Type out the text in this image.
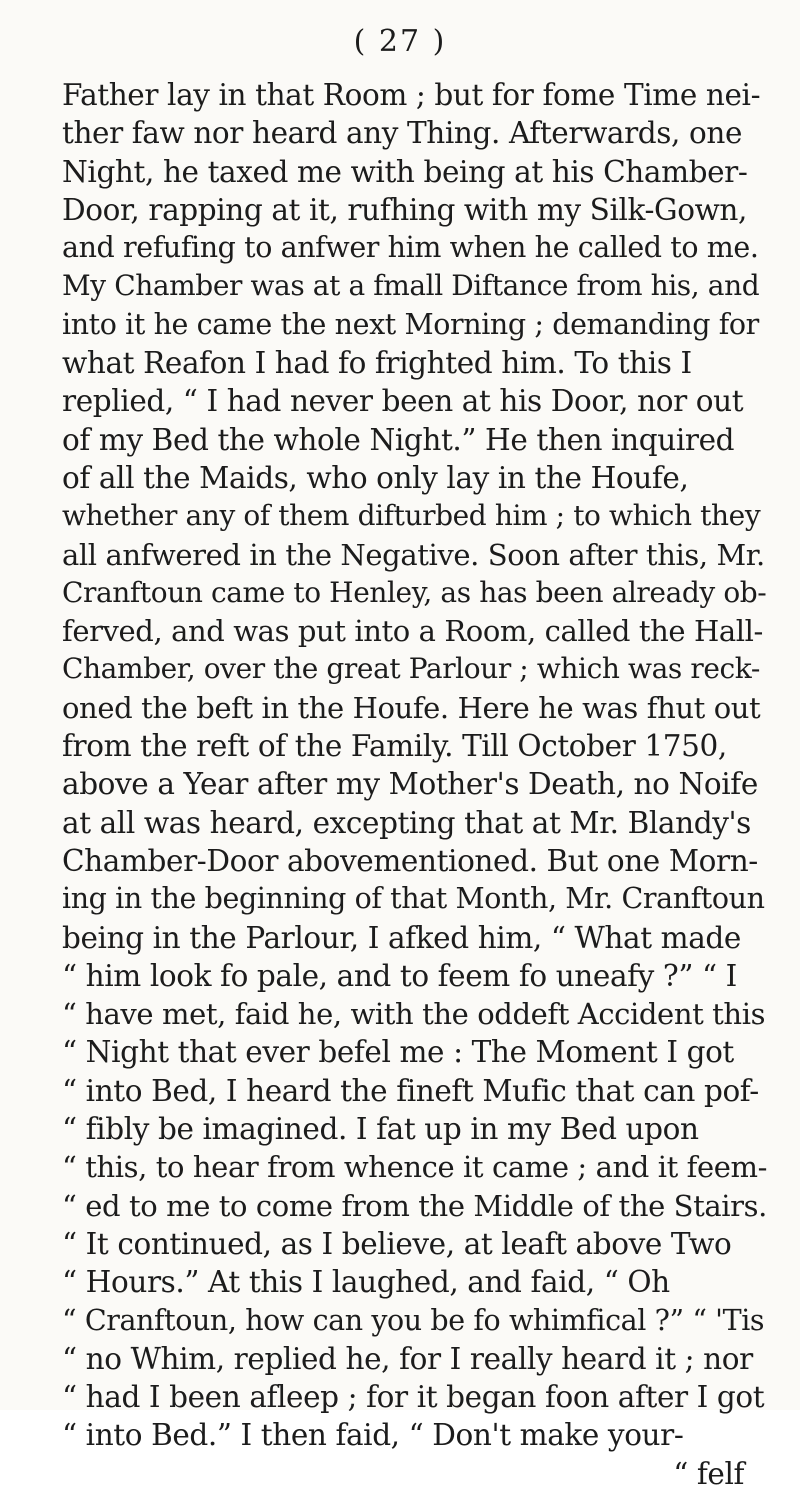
( 27 )
Father lay in that Room ; but for fome Time nei-
ther faw nor heard any Thing. Afterwards, one
Night, he taxed me with being at his Chamber-
Door, rapping at it, rufhing with my Silk-Gown,
and refufing to anfwer him when he called to me.
My Chamber was at a fmall Diftance from his, and
into it he came the next Morning ; demanding for
what Reafon I had fo frighted him. To this I
replied, “ I had never been at his Door, nor out
of my Bed the whole Night.” He then inquired
of all the Maids, who only lay in the Houfe,
whether any of them difturbed him ; to which they
all anfwered in the Negative. Soon after this, Mr.
Cranftoun came to Henley, as has been already ob-
ferved, and was put into a Room, called the Hall-
Chamber, over the great Parlour ; which was reck-
oned the beft in the Houfe. Here he was fhut out
from the reft of the Family. Till October 1750,
above a Year after my Mother's Death, no Noife
at all was heard, excepting that at Mr. Blandy's
Chamber-Door abovementioned. But one Morn-
ing in the beginning of that Month, Mr. Cranftoun
being in the Parlour, I afked him, “ What made
“ him look fo pale, and to feem fo uneafy ?” “ I
“ have met, faid he, with the oddeft Accident this
“ Night that ever befel me : The Moment I got
“ into Bed, I heard the fineft Mufic that can pof-
“ fibly be imagined. I fat up in my Bed upon
“ this, to hear from whence it came ; and it feem-
“ ed to me to come from the Middle of the Stairs.
“ It continued, as I believe, at leaft above Two
“ Hours.” At this I laughed, and faid, “ Oh
“ Cranftoun, how can you be fo whimfical ?” “ 'Tis
“ no Whim, replied he, for I really heard it ; nor
“ had I been afleep ; for it began foon after I got
“ into Bed.” I then faid, “ Don't make your-
“ felf
